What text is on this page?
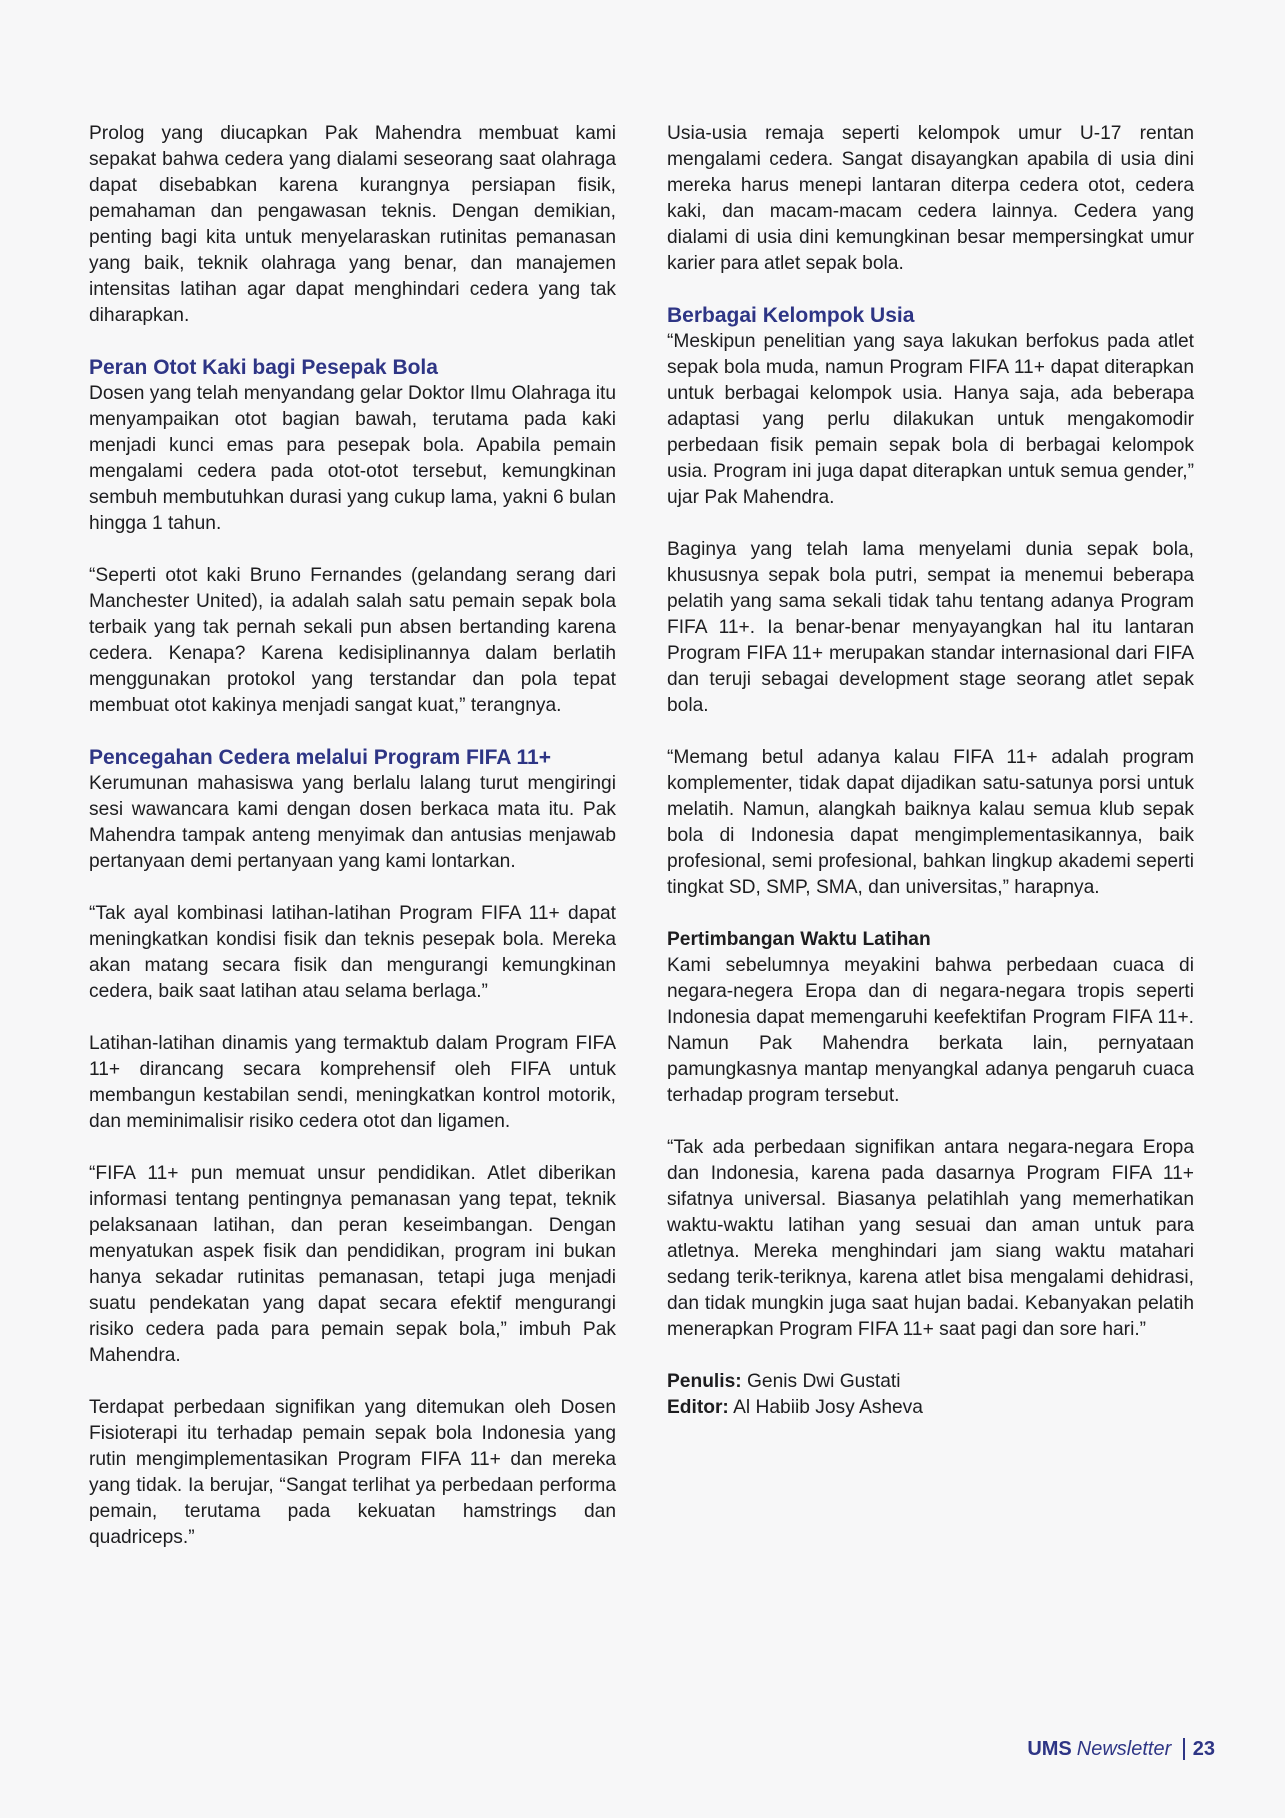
Prolog yang diucapkan Pak Mahendra membuat kami sepakat bahwa cedera yang dialami seseorang saat olahraga dapat disebabkan karena kurangnya persiapan fisik, pemahaman dan pengawasan teknis. Dengan demikian, penting bagi kita untuk menyelaraskan rutinitas pemanasan yang baik, teknik olahraga yang benar, dan manajemen intensitas latihan agar dapat menghindari cedera yang tak diharapkan.

Peran Otot Kaki bagi Pesepak Bola

Dosen yang telah menyandang gelar Doktor Ilmu Olahraga itu menyampaikan otot bagian bawah, terutama pada kaki menjadi kunci emas para pesepak bola. Apabila pemain mengalami cedera pada otot-otot tersebut, kemungkinan sembuh membutuhkan durasi yang cukup lama, yakni 6 bulan hingga 1 tahun.

“Seperti otot kaki Bruno Fernandes (gelandang serang dari Manchester United), ia adalah salah satu pemain sepak bola terbaik yang tak pernah sekali pun absen bertanding karena cedera. Kenapa? Karena kedisiplinannya dalam berlatih menggunakan protokol yang terstandar dan pola tepat membuat otot kakinya menjadi sangat kuat,” terangnya.

Pencegahan Cedera melalui Program FIFA 11+

Kerumunan mahasiswa yang berlalu lalang turut mengiringi sesi wawancara kami dengan dosen berkaca mata itu. Pak Mahendra tampak anteng menyimak dan antusias menjawab pertanyaan demi pertanyaan yang kami lontarkan.

“Tak ayal kombinasi latihan-latihan Program FIFA 11+ dapat meningkatkan kondisi fisik dan teknis pesepak bola. Mereka akan matang secara fisik dan mengurangi kemungkinan cedera, baik saat latihan atau selama berlaga.”

Latihan-latihan dinamis yang termaktub dalam Program FIFA 11+ dirancang secara komprehensif oleh FIFA untuk membangun kestabilan sendi, meningkatkan kontrol motorik, dan meminimalisir risiko cedera otot dan ligamen.

“FIFA 11+ pun memuat unsur pendidikan. Atlet diberikan informasi tentang pentingnya pemanasan yang tepat, teknik pelaksanaan latihan, dan peran keseimbangan. Dengan menyatukan aspek fisik dan pendidikan, program ini bukan hanya sekadar rutinitas pemanasan, tetapi juga menjadi suatu pendekatan yang dapat secara efektif mengurangi risiko cedera pada para pemain sepak bola,” imbuh Pak Mahendra.

Terdapat perbedaan signifikan yang ditemukan oleh Dosen Fisioterapi itu terhadap pemain sepak bola Indonesia yang rutin mengimplementasikan Program FIFA 11+ dan mereka yang tidak. Ia berujar, “Sangat terlihat ya perbedaan performa pemain, terutama pada kekuatan hamstrings dan quadriceps.”

Usia-usia remaja seperti kelompok umur U-17 rentan mengalami cedera. Sangat disayangkan apabila di usia dini mereka harus menepi lantaran diterpa cedera otot, cedera kaki, dan macam-macam cedera lainnya. Cedera yang dialami di usia dini kemungkinan besar mempersingkat umur karier para atlet sepak bola.

Berbagai Kelompok Usia

“Meskipun penelitian yang saya lakukan berfokus pada atlet sepak bola muda, namun Program FIFA 11+ dapat diterapkan untuk berbagai kelompok usia. Hanya saja, ada beberapa adaptasi yang perlu dilakukan untuk mengakomodir perbedaan fisik pemain sepak bola di berbagai kelompok usia. Program ini juga dapat diterapkan untuk semua gender,” ujar Pak Mahendra.

Baginya yang telah lama menyelami dunia sepak bola, khususnya sepak bola putri, sempat ia menemui beberapa pelatih yang sama sekali tidak tahu tentang adanya Program FIFA 11+. Ia benar-benar menyayangkan hal itu lantaran Program FIFA 11+ merupakan standar internasional dari FIFA dan teruji sebagai development stage seorang atlet sepak bola.

“Memang betul adanya kalau FIFA 11+ adalah program komplementer, tidak dapat dijadikan satu-satunya porsi untuk melatih. Namun, alangkah baiknya kalau semua klub sepak bola di Indonesia dapat mengimplementasikannya, baik profesional, semi profesional, bahkan lingkup akademi seperti tingkat SD, SMP, SMA, dan universitas,” harapnya.

Pertimbangan Waktu Latihan

Kami sebelumnya meyakini bahwa perbedaan cuaca di negara-negera Eropa dan di negara-negara tropis seperti Indonesia dapat memengaruhi keefektifan Program FIFA 11+. Namun Pak Mahendra berkata lain, pernyataan pamungkasnya mantap menyangkal adanya pengaruh cuaca terhadap program tersebut.

“Tak ada perbedaan signifikan antara negara-negara Eropa dan Indonesia, karena pada dasarnya Program FIFA 11+ sifatnya universal. Biasanya pelatihlah yang memerhatikan waktu-waktu latihan yang sesuai dan aman untuk para atletnya. Mereka menghindari jam siang waktu matahari sedang terik-teriknya, karena atlet bisa mengalami dehidrasi, dan tidak mungkin juga saat hujan badai. Kebanyakan pelatih menerapkan Program FIFA 11+ saat pagi dan sore hari.”

Penulis: Genis Dwi Gustati

Editor: Al Habiib Josy Asheva

UMS Newsletter 23
